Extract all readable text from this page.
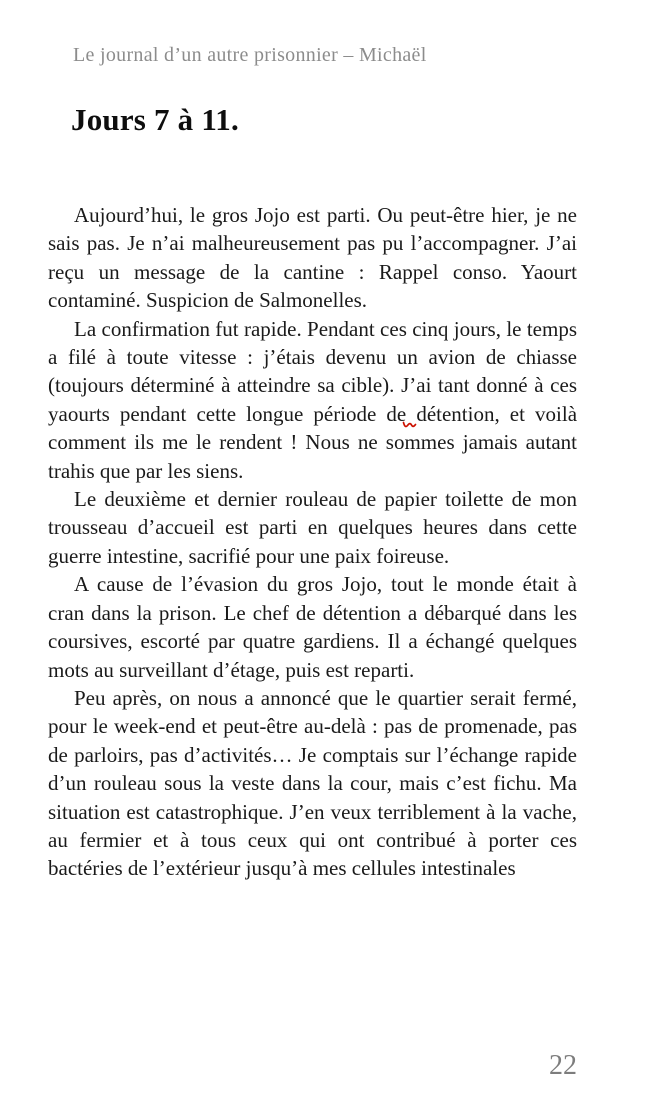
Le journal d’un autre prisonnier – Michaël
Jours 7 à 11.

Aujourd’hui, le gros Jojo est parti. Ou peut-être hier, je ne sais pas. Je n’ai malheureusement pas pu l’accompagner. J’ai reçu un message de la cantine : Rappel conso. Yaourt contaminé. Suspicion de Salmonelles.

La confirmation fut rapide. Pendant ces cinq jours, le temps a filé à toute vitesse : j’étais devenu un avion de chiasse (toujours déterminé à atteindre sa cible). J’ai tant donné à ces yaourts pendant cette longue période de détention, et voilà comment ils me le rendent ! Nous ne sommes jamais autant trahis que par les siens.

Le deuxième et dernier rouleau de papier toilette de mon trousseau d’accueil est parti en quelques heures dans cette guerre intestine, sacrifié pour une paix foireuse.

A cause de l’évasion du gros Jojo, tout le monde était à cran dans la prison. Le chef de détention a débarqué dans les coursives, escorté par quatre gardiens. Il a échangé quelques mots au surveillant d’étage, puis est reparti.

Peu après, on nous a annoncé que le quartier serait fermé, pour le week-end et peut-être au-delà : pas de promenade, pas de parloirs, pas d’activités… Je comptais sur l’échange rapide d’un rouleau sous la veste dans la cour, mais c’est fichu. Ma situation est catastrophique. J’en veux terriblement à la vache, au fermier et à tous ceux qui ont contribué à porter ces bactéries de l’extérieur jusqu’à mes cellules intestinales

22
